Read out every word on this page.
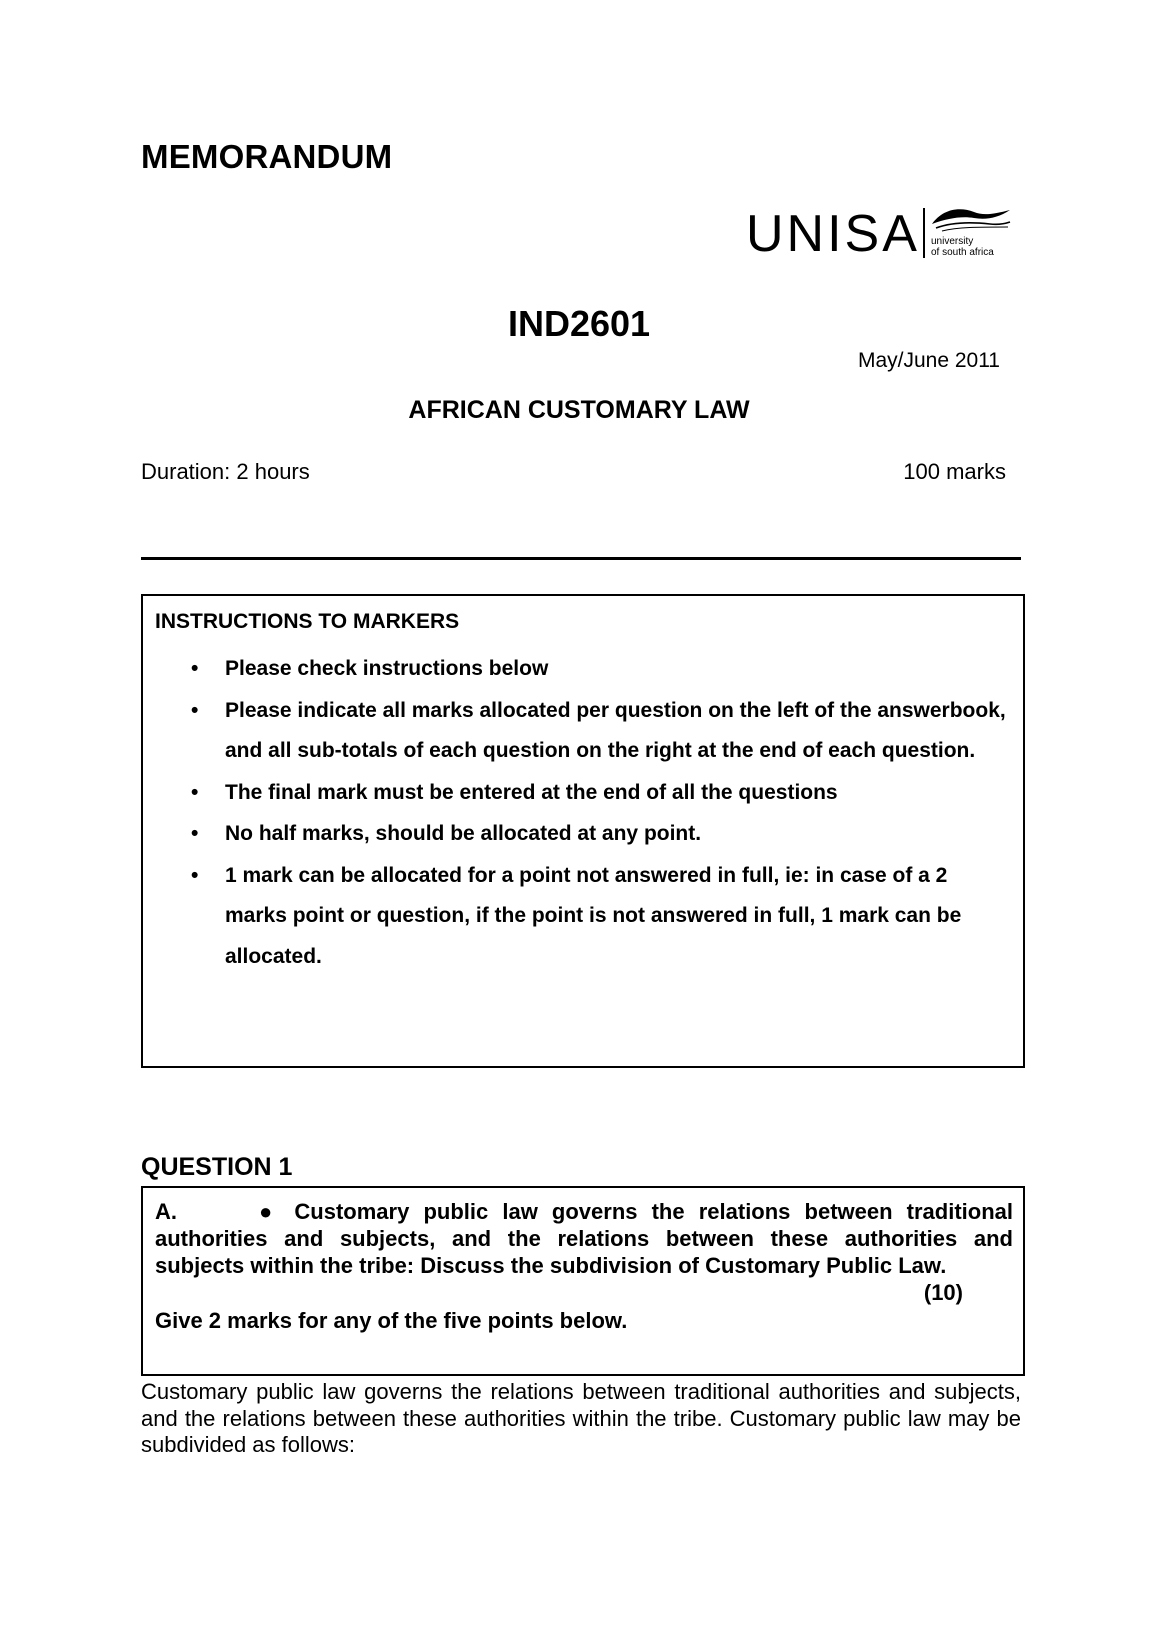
MEMORANDUM
UNISA university
of south africa
IND2601
May/June 2011
AFRICAN CUSTOMARY LAW
Duration: 2 hours	100 marks
INSTRUCTIONS TO MARKERS
• Please check instructions below
• Please indicate all marks allocated per question on the left of the answerbook, and all sub-totals of each question on the right at the end of each question.
• The final mark must be entered at the end of all the questions
• No half marks, should be allocated at any point.
• 1 mark can be allocated for a point not answered in full, ie: in case of a 2 marks point or question, if the point is not answered in full, 1 mark can be allocated.
QUESTION 1
A.	● Customary public law governs the relations between traditional authorities and subjects, and the relations between these authorities and subjects within the tribe: Discuss the subdivision of Customary Public Law.
(10)
Give 2 marks for any of the five points below.
Customary public law governs the relations between traditional authorities and subjects, and the relations between these authorities within the tribe. Customary public law may be subdivided as follows:
